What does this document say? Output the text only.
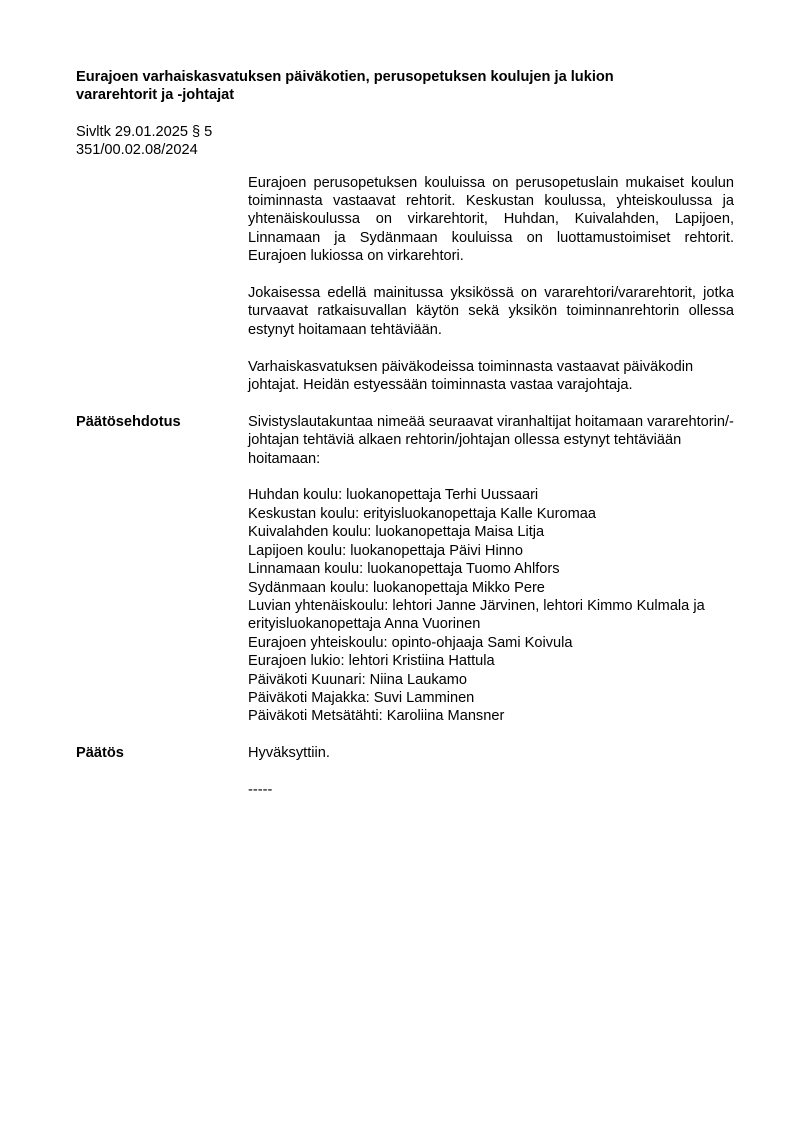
Eurajoen varhaiskasvatuksen päiväkotien, perusopetuksen koulujen ja lukion vararehtorit ja -johtajat
Sivltk 29.01.2025 § 5
351/00.02.08/2024

Eurajoen perusopetuksen kouluissa on perusopetuslain mukaiset koulun toiminnasta vastaavat rehtorit. Keskustan koulussa, yhteiskoulussa ja yhtenäiskoulussa on virkarehtorit, Huhdan, Kuivalahden, Lapijoen, Linnamaan ja Sydänmaan kouluissa on luottamustoimiset rehtorit. Eurajoen lukiossa on virkarehtori.

Jokaisessa edellä mainitussa yksikössä on vararehtori/vararehtorit, jotka turvaavat ratkaisuvallan käytön sekä yksikön toiminnanrehtorin ollessa estynyt hoitamaan tehtäviään.

Varhaiskasvatuksen päiväkodeissa toiminnasta vastaavat päiväkodin johtajat. Heidän estyessään toiminnasta vastaa varajohtaja.

Päätösehdotus	Sivistyslautakuntaa nimeää seuraavat viranhaltijat hoitamaan vararehtorin/-johtajan tehtäviä alkaen rehtorin/johtajan ollessa estynyt tehtäviään hoitamaan:

Huhdan koulu: luokanopettaja Terhi Uussaari
Keskustan koulu: erityisluokanopettaja Kalle Kuromaa
Kuivalahden koulu: luokanopettaja Maisa Litja
Lapijoen koulu: luokanopettaja Päivi Hinno
Linnamaan koulu: luokanopettaja Tuomo Ahlfors
Sydänmaan koulu: luokanopettaja Mikko Pere
Luvian yhtenäiskoulu: lehtori Janne Järvinen, lehtori Kimmo Kulmala ja erityisluokanopettaja Anna Vuorinen
Eurajoen yhteiskoulu: opinto-ohjaaja Sami Koivula
Eurajoen lukio: lehtori Kristiina Hattula
Päiväkoti Kuunari: Niina Laukamo
Päiväkoti Majakka: Suvi Lamminen
Päiväkoti Metsätähti: Karoliina Mansner
Päätös	Hyväksyttiin.

-----
